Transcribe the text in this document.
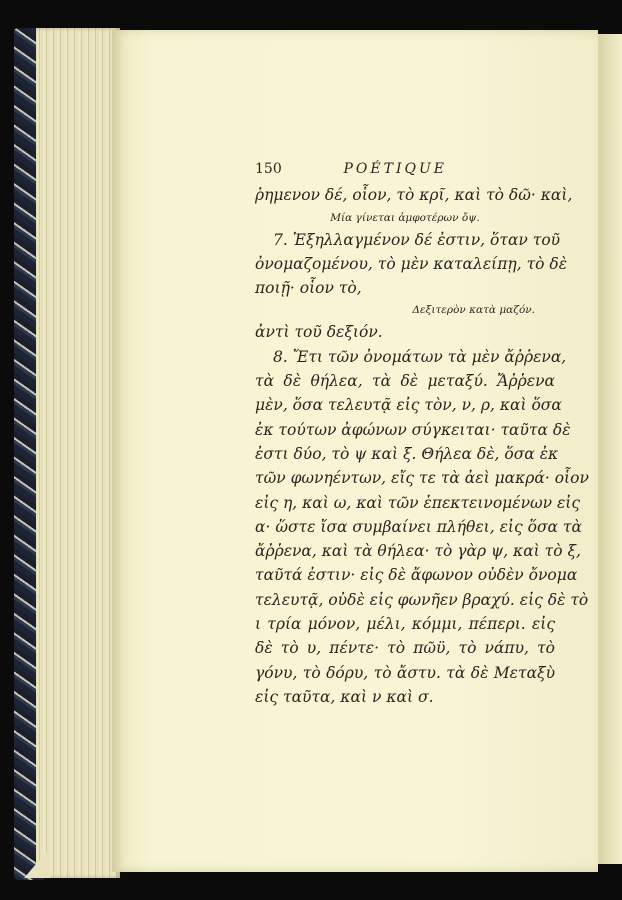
150	POÉTIQUE
ῥημενον δέ, οἷον, τὸ κρῖ, καὶ τὸ δῶ· καὶ,
Μία γίνεται ἀμφοτέρων ὄψ.
7. Ἐξηλλαγμένον δέ ἐστιν, ὅταν τοῦ
ὀνομαζομένου, τὸ μὲν καταλείπῃ, τὸ δὲ
ποιῇ· οἷον τὸ,
Δεξιτερὸν κατὰ μαζόν.
ἀντὶ τοῦ δεξιόν.
8. Ἔτι τῶν ὀνομάτων τὰ μὲν ἄῤῥενα,
τὰ δὲ θήλεα, τὰ δὲ μεταξύ. Ἄῤῥενα
μὲν, ὅσα τελευτᾷ εἰς τὸν, ν, ρ, καὶ ὅσα
ἐκ τούτων ἀφώνων σύγκειται· ταῦτα δὲ
ἐστι δύο, τὸ ψ καὶ ξ. Θήλεα δὲ, ὅσα ἐκ
τῶν φωνηέντων, εἴς τε τὰ ἀεὶ μακρά· οἷον
εἰς η, καὶ ω, καὶ τῶν ἐπεκτεινομένων εἰς
α· ὥστε ἴσα συμβαίνει πλήθει, εἰς ὅσα τὰ
ἄῤῥενα, καὶ τὰ θήλεα· τὸ γὰρ ψ, καὶ τὸ ξ,
ταῦτά ἐστιν· εἰς δὲ ἄφωνον οὐδὲν ὄνομα
τελευτᾷ, οὐδὲ εἰς φωνῆεν βραχύ. εἰς δὲ τὸ
ι τρία μόνον, μέλι, κόμμι, πέπερι. εἰς
δὲ τὸ υ, πέντε· τὸ πῶϋ, τὸ νάπυ, τὸ
γόνυ, τὸ δόρυ, τὸ ἄστυ. τὰ δὲ Μεταξὺ
εἰς ταῦτα, καὶ ν καὶ σ.
